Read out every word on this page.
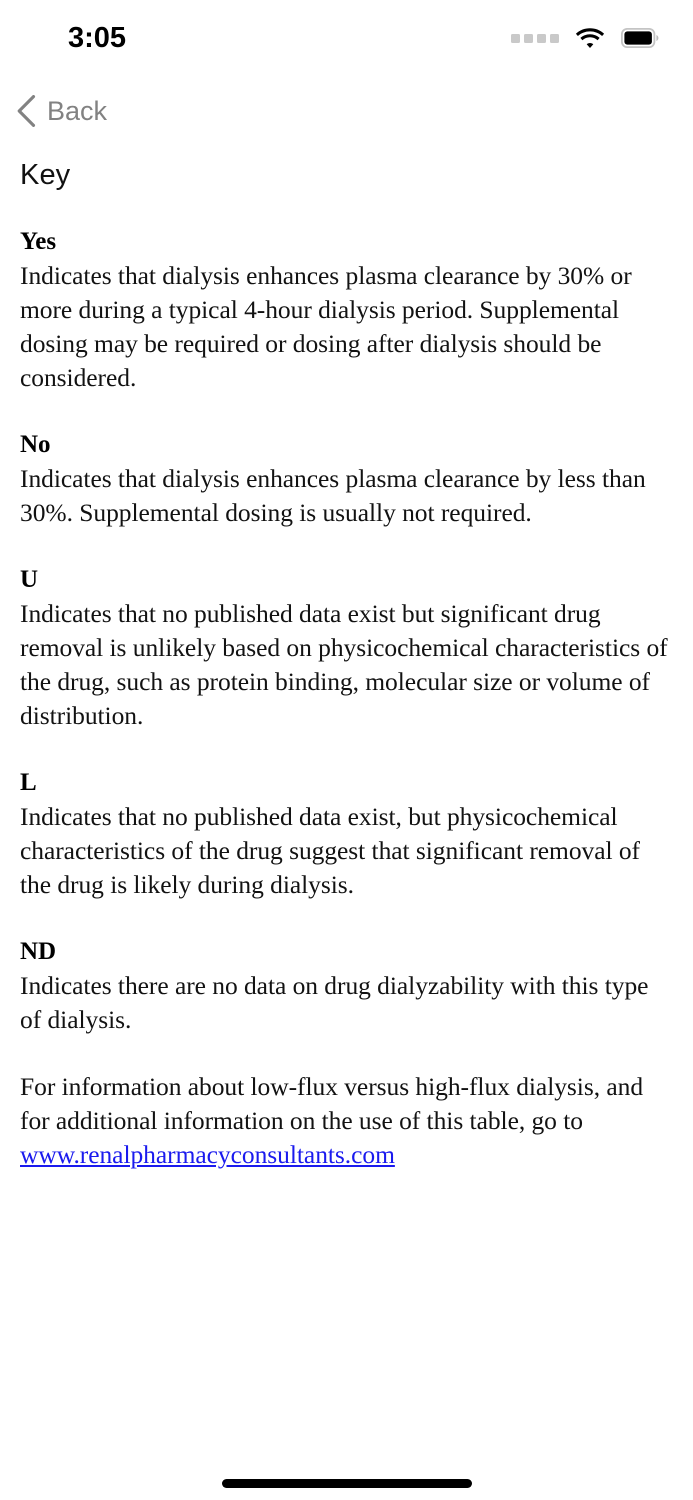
3:05
Back
Key
Yes
Indicates that dialysis enhances plasma clearance by 30% or more during a typical 4-hour dialysis period. Supplemental dosing may be required or dosing after dialysis should be considered.
No
Indicates that dialysis enhances plasma clearance by less than 30%. Supplemental dosing is usually not required.
U
Indicates that no published data exist but significant drug removal is unlikely based on physicochemical characteristics of the drug, such as protein binding, molecular size or volume of distribution.
L
Indicates that no published data exist, but physicochemical characteristics of the drug suggest that significant removal of the drug is likely during dialysis.
ND
Indicates there are no data on drug dialyzability with this type of dialysis.
For information about low-flux versus high-flux dialysis, and for additional information on the use of this table, go to www.renalpharmacyconsultants.com
